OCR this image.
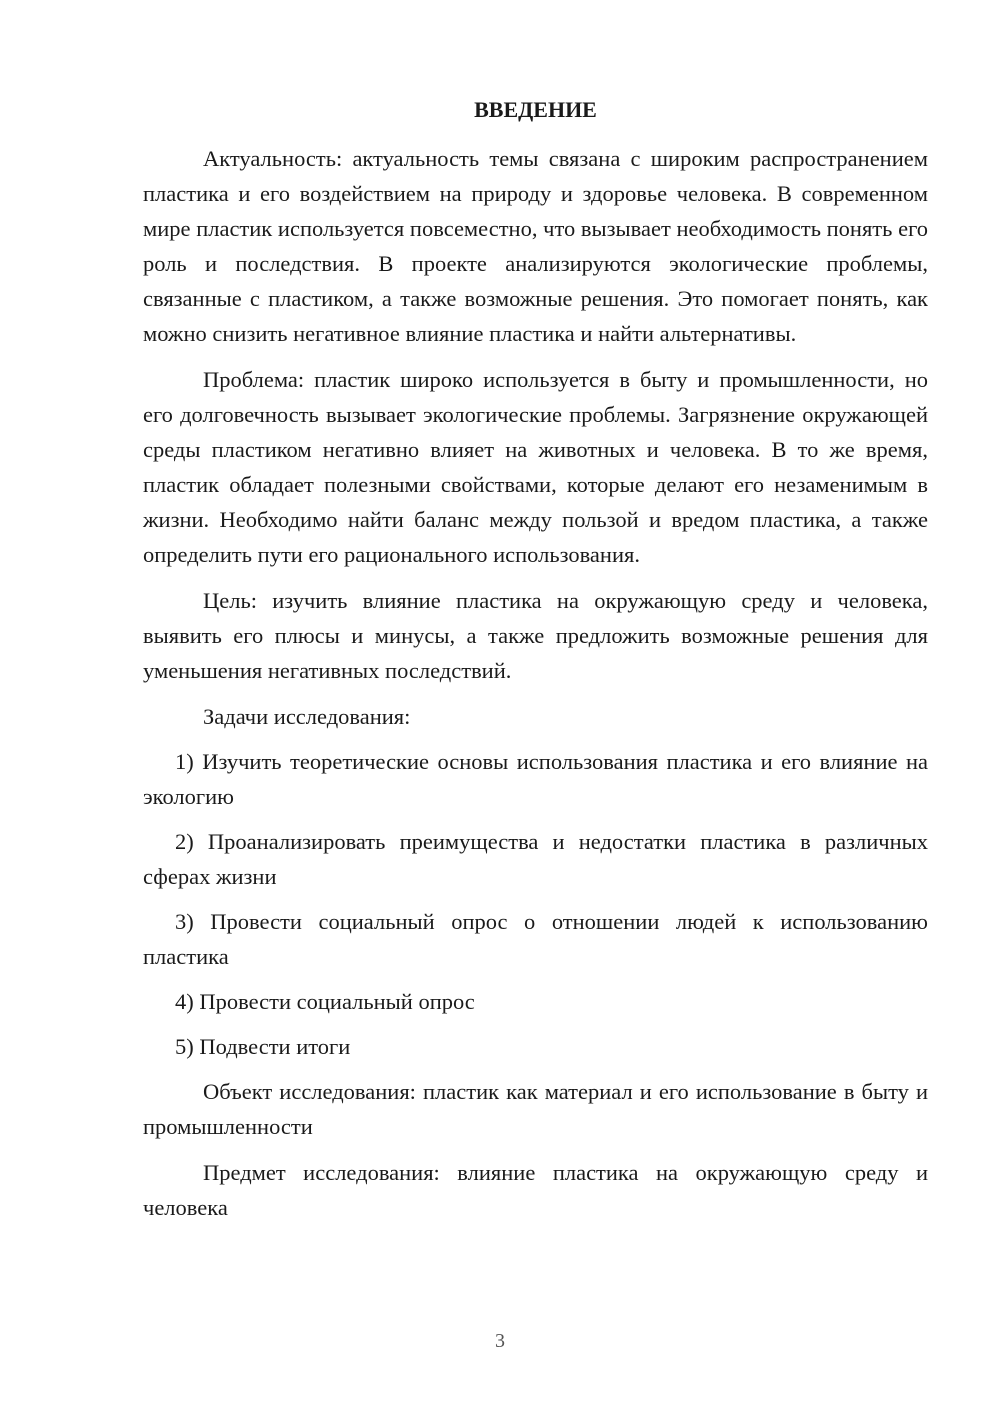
ВВЕДЕНИЕ

Актуальность: актуальность темы связана с широким распространением пластика и его воздействием на природу и здоровье человека. В современном мире пластик используется повсеместно, что вызывает необходимость понять его роль и последствия. В проекте анализируются экологические проблемы, связанные с пластиком, а также возможные решения. Это помогает понять, как можно снизить негативное влияние пластика и найти альтернативы.

Проблема: пластик широко используется в быту и промышленности, но его долговечность вызывает экологические проблемы. Загрязнение окружающей среды пластиком негативно влияет на животных и человека. В то же время, пластик обладает полезными свойствами, которые делают его незаменимым в жизни. Необходимо найти баланс между пользой и вредом пластика, а также определить пути его рационального использования.

Цель: изучить влияние пластика на окружающую среду и человека, выявить его плюсы и минусы, а также предложить возможные решения для уменьшения негативных последствий.

Задачи исследования:

1) Изучить теоретические основы использования пластика и его влияние на экологию

2) Проанализировать преимущества и недостатки пластика в различных сферах жизни

3) Провести социальный опрос о отношении людей к использованию пластика

4) Провести социальный опрос

5) Подвести итоги

Объект исследования: пластик как материал и его использование в быту и промышленности

Предмет исследования: влияние пластика на окружающую среду и человека

3
